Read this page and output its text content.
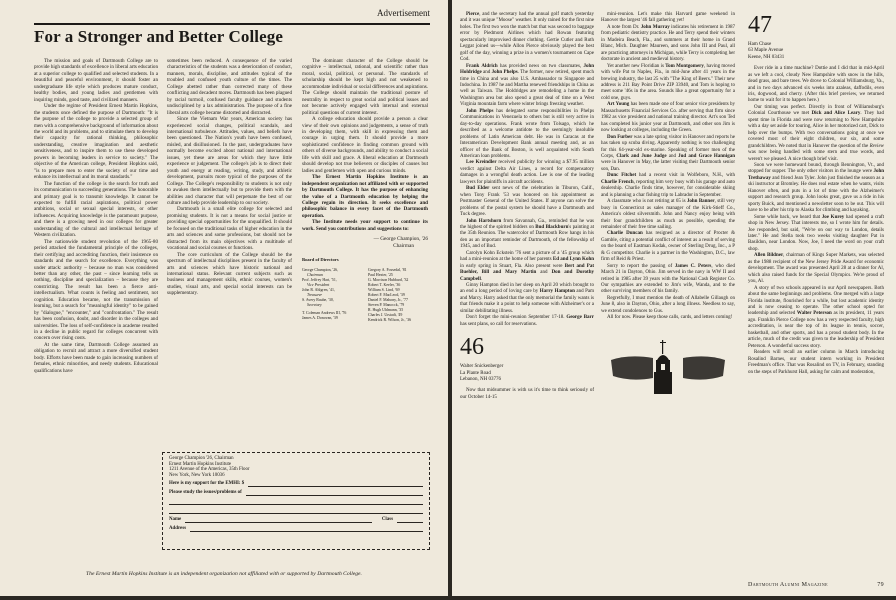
Advertisement
For a Stronger and Better College

The mission and goals of Dartmouth College are to provide high standards of excellence in liberal arts education at a superior college to qualified and selected students. In a beautiful and peaceful environment, it should foster an undergraduate life style which produces mature conduct, healthy bodies, and young ladies and gentlemen with inquiring minds, good taste, and civilized manners.

Under the regime of President Ernest Martin Hopkins, the students once defined the purpose of Dartmouth: "It is the purpose of the college to provide a selected group of men with a comprehensive background of information about the world and its problems, and to stimulate them to develop their capacity for rational thinking, philosophic understanding, creative imagination and aesthetic sensitiveness, and to inspire them to use these developed powers in becoming leaders in service to society." The objective of the American college, President Hopkins said, "is to prepare men to enter the society of our time and enhance its intellectual and its moral standards."

The function of the college is the search for truth and its communication to succeeding generations. The honorable and primary goal is to transmit knowledge. It cannot be expected to fulfill racial aspirations, political power ambitions, social or sexual special interests, or other influences. Acquiring knowledge is the paramount purpose, and there is a growing need in our colleges for greater understanding of the cultural and intellectual heritage of Western civilization.

The nationwide student revolution of the 1965-80 period attacked the fundamental principle of the colleges, their certifying and accrediting function, their insistence on standards and the search for excellence. Everything was under attack: authority – because no man was considered better than any other, the past – since learning tells us nothing, discipline and specialization – because they are constricting. The result has been a fierce anti-intellectualism. What counts is feeling and sentiment, not cognition. Education became, not the transmission of learning, but a search for "meaningful identity" to be gained by "dialogue," "encounter," and "confrontation." The result has been confusion, doubt, and disorder in the colleges and universities. The loss of self-confidence in academe resulted in a decline in public regard for colleges concurrent with concern over rising costs.

At the same time, Dartmouth College assumed an obligation to recruit and attract a more diversified student body. Efforts have been made to gain increasing numbers of females, ethnic minorities, and needy students. Educational qualifications have

sometimes been reduced. A consequence of the varied characteristics of the students was a deterioration of conduct, manners, morals, discipline, and attitudes typical of the troubled and confused youth culture of the times. The College abetted rather than corrected many of these conflicting and decadent mores. Dartmouth has been plagued by racial turmoil, confused faculty guidance and students undisciplined by a lax administration. The purpose of a fine liberal arts college became distorted and distracted.

Since the Vietnam War years, American society has experienced social changes, political scandals, and international turbulence. Attitudes, values, and beliefs have been questioned. The Nation's youth have been confused, misled, and disillusioned. In the past, undergraduates have normally become excited about national and international issues, yet these are areas for which they have little experience or judgement. The college's job is to direct their youth and energy at reading, writing, study, and athletic development, pursuits more typical of the purposes of the College. The College's responsibility to students is not only to awaken them intellectually but to provide them with the abilities and character that will perpetuate the best of our culture and help provide leadership to our society.

Dartmouth is a small elite college for selected and promising students. It is not a means for social justice or providing special opportunities for the unqualified. It should be focused on the traditional tasks of higher education in the arts and sciences and some professions, but should not be distracted from its main objectives with a multitude of vocational and social courses or functions.

The core curriculum of the College should be the spectrum of intellectual disciplines present in the faculty of arts and sciences which have historic national and international status. Relevant current subjects such as business and management skills, ethnic courses, women's studies, visual arts, and special social interests can be supplementary.

The dominant character of the College should be cognitive – intellectual, rational, and scientific rather than moral, social, political, or personal. The standards of scholarship should be kept high and not weakened to accommodate individual or social differences and aspirations. The College should maintain the traditional posture of neutrality in respect to great social and political issues and not become actively engaged with internal and external political questions of current interest.

A college education should provide a person a clear view of their own opinions and judgements, a sense of truth in developing them, with skill in expressing them and courage in urging them. It should provide a more sophisticated confidence in finding common ground with others of diverse backgrounds, and ability to conduct a social life with skill and grace. A liberal education at Dartmouth should develop not true believers or disciples of causes but ladies and gentlemen with open and curious minds.

The Ernest Martin Hopkins Institute is an independent organization not affiliated with or supported by Dartmouth College. It has the purpose of enhancing the value of a Dartmouth education by helping the College regain its direction. It seeks excellence and philosophic balance in every facet of the Dartmouth operation.

The Institute needs your support to continue its work. Send you contributions and suggestions to:

— George Champion, '26
Chairman
Board of Directors
George Champion, '26,
Chairman
Prof. Jeffrey Hart, '51,
Vice President
John R. Ahlgren, '41,
Treasurer
S. Avery Raube, '30,
Secretary
T. Coleman Andrews III, '76
James A. Donovan, '39
Gregory A. Fossedal, '81
Paul Hexter, '25
G. Morrison Hubbard, '32
Robert T. Keeler, '36
William S. Lind, '69
Robert F. MacLeod, '39
Daniel F. Mahony, Jr., '77
Steven P. Manocck, '79
R. Hugh Uhlmann, '35
Charles J. Urstadt, '49
Kendrick R. Wilson, Jr., '36
George Champion '26, Chairman
Ernest Martin Hopkins Institute
1211 Avenue of the Americas, 35th Floor
New York, New York 10036
Here is my support for the EMHI: $
Please study the issues/problems of
Name	Class
Address
The Ernest Martin Hopkins Institute is an independent organization not affiliated with or supported by Dartmouth College.

Pierce, and the secretary had the annual golf match yesterday and it was unique "Moose" weather. It only rained for the first nine holes. The first two won the match but that was second to baggage error by Piedmont Airlines which had Rowan featuring spectacularly improvised dinner clothing. Gertie Cutler and Ruth Leggat joined us—while Allon Pierce obviously played the best golf of the day, winning a prize in a women's tournament on Cape Cod.

Frank Aldrich has provided news on two classmates, John Holdridge and John Phelps. The former, now retired, spent much time in China and was also U.S. Ambassador to Singapore and Indochina. In 1987 he and Martha renewed friendships in China as well as Taiwan. The Holdridges are remodeling a home in the Washington area but also spend a great deal of time on a West Virginia mountain farm where winter brings freezing weather.

John Phelps has delegated some responsibilities in Phelps Communications in Venezuela to others but is still very active in day-to-day operations. Frank wrote from Tolsago, which he described as a welcome antidote to the seemingly insoluble problems of Latin American debt. He was in Caracas at the Interamerican Development Bank annual meeting and, as an officer of the Bank of Boston, is well acquainted with South American loan problems.

Lee Kreindler received publicity for winning a $7.95 million verdict against Delta Air Lines, a record for compensatory damages in a wrongful death action. Lee is one of the leading lawyers for plaintiffs in aircraft accidents.

Bud Elder sent news of the celebration in Tiburon, Calif., when Tony Frank '53 was honored on his appointment as Postmaster General of the United States. If anyone can solve the problems of the postal system he should have a Dartmouth and Tuck degree.

John Hartshorn from Savannah, Ga., reminded that he was the highest of the spirited bidders on Bud Blackburn's painting at the 35th Reunion. The watercolor of Dartmouth Row hangs in his den as an important reminder of Dartmouth, of the fellowship of 1945, and of Bud.

Carolyn Kohn Eckstein '76 sent a picture of a '45 group which had a mini-reunion at the home of her parents Ed and Lynn Kohn in early spring in Stuart, Fla. Also present were Bert and Pat Buehler, Bill and Mary Martin and Don and Dorothy Campbell.

Ginny Hampton died in her sleep on April 20 which brought to an end a long period of loving care by Harry Hampton and Pam and Marcy. Harry asked that the only memorial the family wants is that friends make it a point to help someone with Alzheimer's or a similar debilitating illness.

Don't forget the mini-reunion September 17-18. George Barr has sent plans, so call for reservations.

46
Walter Snickenberger
La Plante Road
Lebanon, NH 03776

Now that midsummer is with us it's time to think seriously of our October 14-15

mini-reunion. Let's make this Harvard game weekend in Hanover the largest '46 fall gathering yet!

A note from Dr. John Murray indicates his retirement in 1987 from pediatric dentistry practice. He and Terry spend their winters in Madeira Beach, Fla., and summers at their home in Grand Blanc, Mich. Daughter Maureen, and sons John III and Paul, all are practicing attorneys in Michigan, while Terry is completing her doctorate in ancient and medieval history.

Yet another new Floridian is Tom Montgomery, having moved with wife Pat to Naples, Fla., in mid-June after 41 years in the brewing industry, the last 25 with "The King of Beers." Their new address is 211 Bay Point Drive ZIP 33940, and Tom is hoping to meet some '46s in the area. Sounds like a great opportunity for a cold one, guys.

Art Young has been made one of four senior vice presidents by Massachusetts Financial Services Co. after serving that firm since 1982 as vice president and national training director. Art's son Ted has completed his junior year at Dartmouth, and other son Jim is now looking at colleges, including the Green.

Don Furber was a late spring visitor in Hanover and reports he has taken up scuba diving. Apparently nothing is too challenging for this 64-year-old ex-marine. Speaking of former men of the Corps, Clark and June Judge and Jud and Grace Hannigan were in Hanover in May, the latter visiting their Dartmouth senior son, Dan.

Dunc Fitchet had a recent visit in Wolfeboro, N.H., with Charlie French, reporting him very busy with his garage and auto dealership. Charlie finds time, however, for considerable skiing and is planning a char fishing trip to Labrador in September.

A classmate who is not retiring at 65 is John Banner, still very busy in Connecticut as sales manager of the Kirk-Stieff Co., America's oldest silversmith. John and Nancy enjoy being with their four grandchildren as much as possible, spending the remainder of their free time sailing.

Charlie Duncan has resigned as a director of Procter & Gamble, citing a potential conflict of interest as a result of serving on the board of Eastman Kodak, owner of Sterling Drug, Inc., a P & G competitor. Charlie is a partner in the Washington, D.C., law firm of Reid & Priest.

Sorry to report the passing of James C. Peters, who died March 21 in Dayton, Ohio. Jim served in the navy in WW II and retired in 1985 after 39 years with the National Cash Register Co. Our sympathies are extended to Jim's wife, Wanda, and to the other surviving members of his family.

Regretfully, I must mention the death of Allabelle Gillaugh on June 8, also in Dayton, Ohio, after a long illness. Needless to say, we extend condolences to Gus.

All for now. Please keep those calls, cards, and letters coming!

47
Ham Chase
63 Maple Avenue
Keene, NH 03431

Ever ride in a time machine? Dottie and I did that in mid-April as we left a cool, cloudy New Hampshire with snow in the hills, dead grass, and bare trees. We drove to Colonial Williamsburg, Va., and in two days advanced six weeks into azaleas, daffodils, even iris, dogwood, and cherry. (After this brief preview, we returned home to wait for it to happen here.)

Our timing was perfect. Directly in front of Williamsburg's Colonial Courthouse we met Dick and Alice Leary. They had spent time in Florida and were now returning to New Hampshire with a day set aside for touring, Alice in her motorized cart, Dick to help over the bumps. With two conversations going at once we covered most of their eight children, our six, and some grandchildren. We noted that in Hanover the question of the Review was now being handled with some stern and true words, and weren't we pleased. A nice though brief visit.

Soon we were homeward bound, through Bennington, Vt., and stopped for supper. The only other visitors in the lounge were John Trethaway and friend Jean Tyler. John just finished the season as a ski instructor at Bromley. He does real estate when he wants, visits Hanover often, and puts in a lot of time with the Alzheimer's support and research group. John looks great, gave us a ride in his sporty Buick, and mentioned a newsletter soon to be out. This will have to be after his trip to Alaska for climbing and kayaking.

Some while back, we heard that Joe Kurey had opened a craft shop in New Jersey. That interests me, so I wrote him for details. Joe responded, but said, "We're on our way to London, details later." He and Stella took two weeks visiting daughter Pat in Basildon, near London. Now, Joe, I need the word on your craft shop.

Allen Bildner, chairman of Kings Super Markets, was selected as the 1988 recipient of the New Jersey Pride Award for economic development. The award was presented April 28 at a dinner for Al, which also raised funds for the Special Olympics. We're proud of you, Al.

A story of two schools appeared in our April newspapers. Both about the same beginnings and problems. One merged with a large Florida institute, flourished for a while, but lost academic identity and is now ceasing to operate. The other school opted for leadership and selected Walter Peterson as its president, 11 years ago. Franklin Pierce College now has a very respected faculty, high accreditation, is near the top of its league in tennis, soccer, basketball, and other sports, and has a proud student body. In the article, much of the credit was given to the leadership of President Peterson. A wonderful success story.

Readers will recall an earlier column in March introducing Rosalind Barnes, our student intern working in President Freedman's office. That was Rosalind on TV, in February, standing on the steps of Parkhurst Hall, asking for calm and moderation,

Dartmouth Alumni Magazine	79
